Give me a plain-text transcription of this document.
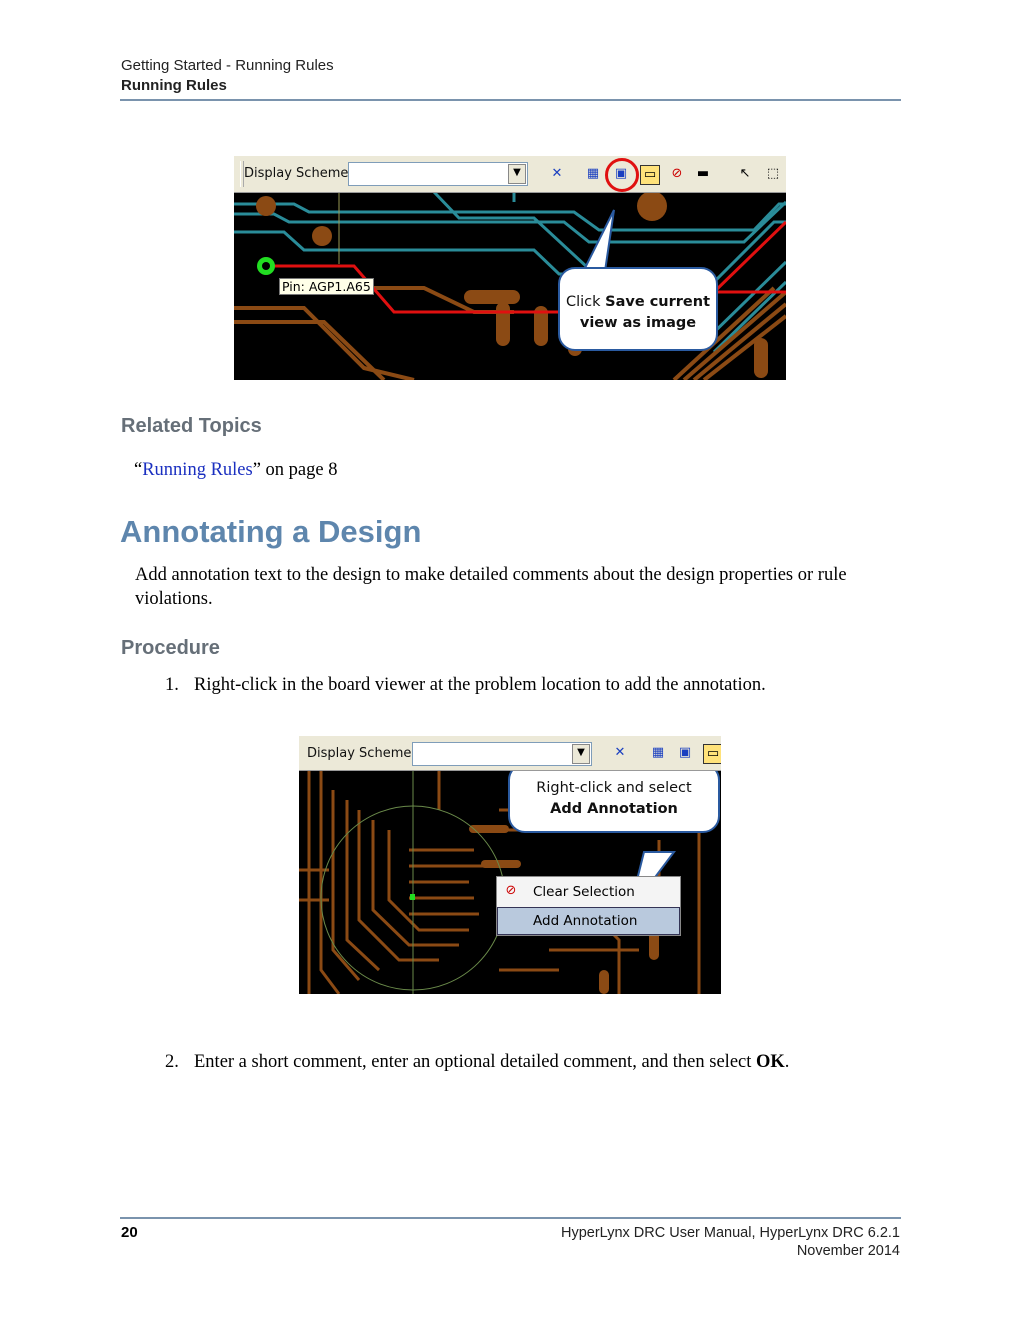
Getting Started - Running Rules
Running Rules
Pin: AGP1.A65
Click Save current
view as image
Display Scheme	▼	✕ ▦ ▣ ▭ ⊘ ▬ ↖ ⬚
Related Topics
“Running Rules” on page 8
Annotating a Design
Add annotation text to the design to make detailed comments about the design properties or rule violations.
Procedure
1. Right-click in the board viewer at the problem location to add the annotation.
Right-click and select
Add Annotation
⊘ Clear Selection
Add Annotation
Display Scheme	▼	✕ ▦ ▣ ▭
2. Enter a short comment, enter an optional detailed comment, and then select OK.
20	HyperLynx DRC User Manual, HyperLynx DRC 6.2.1
November 2014
